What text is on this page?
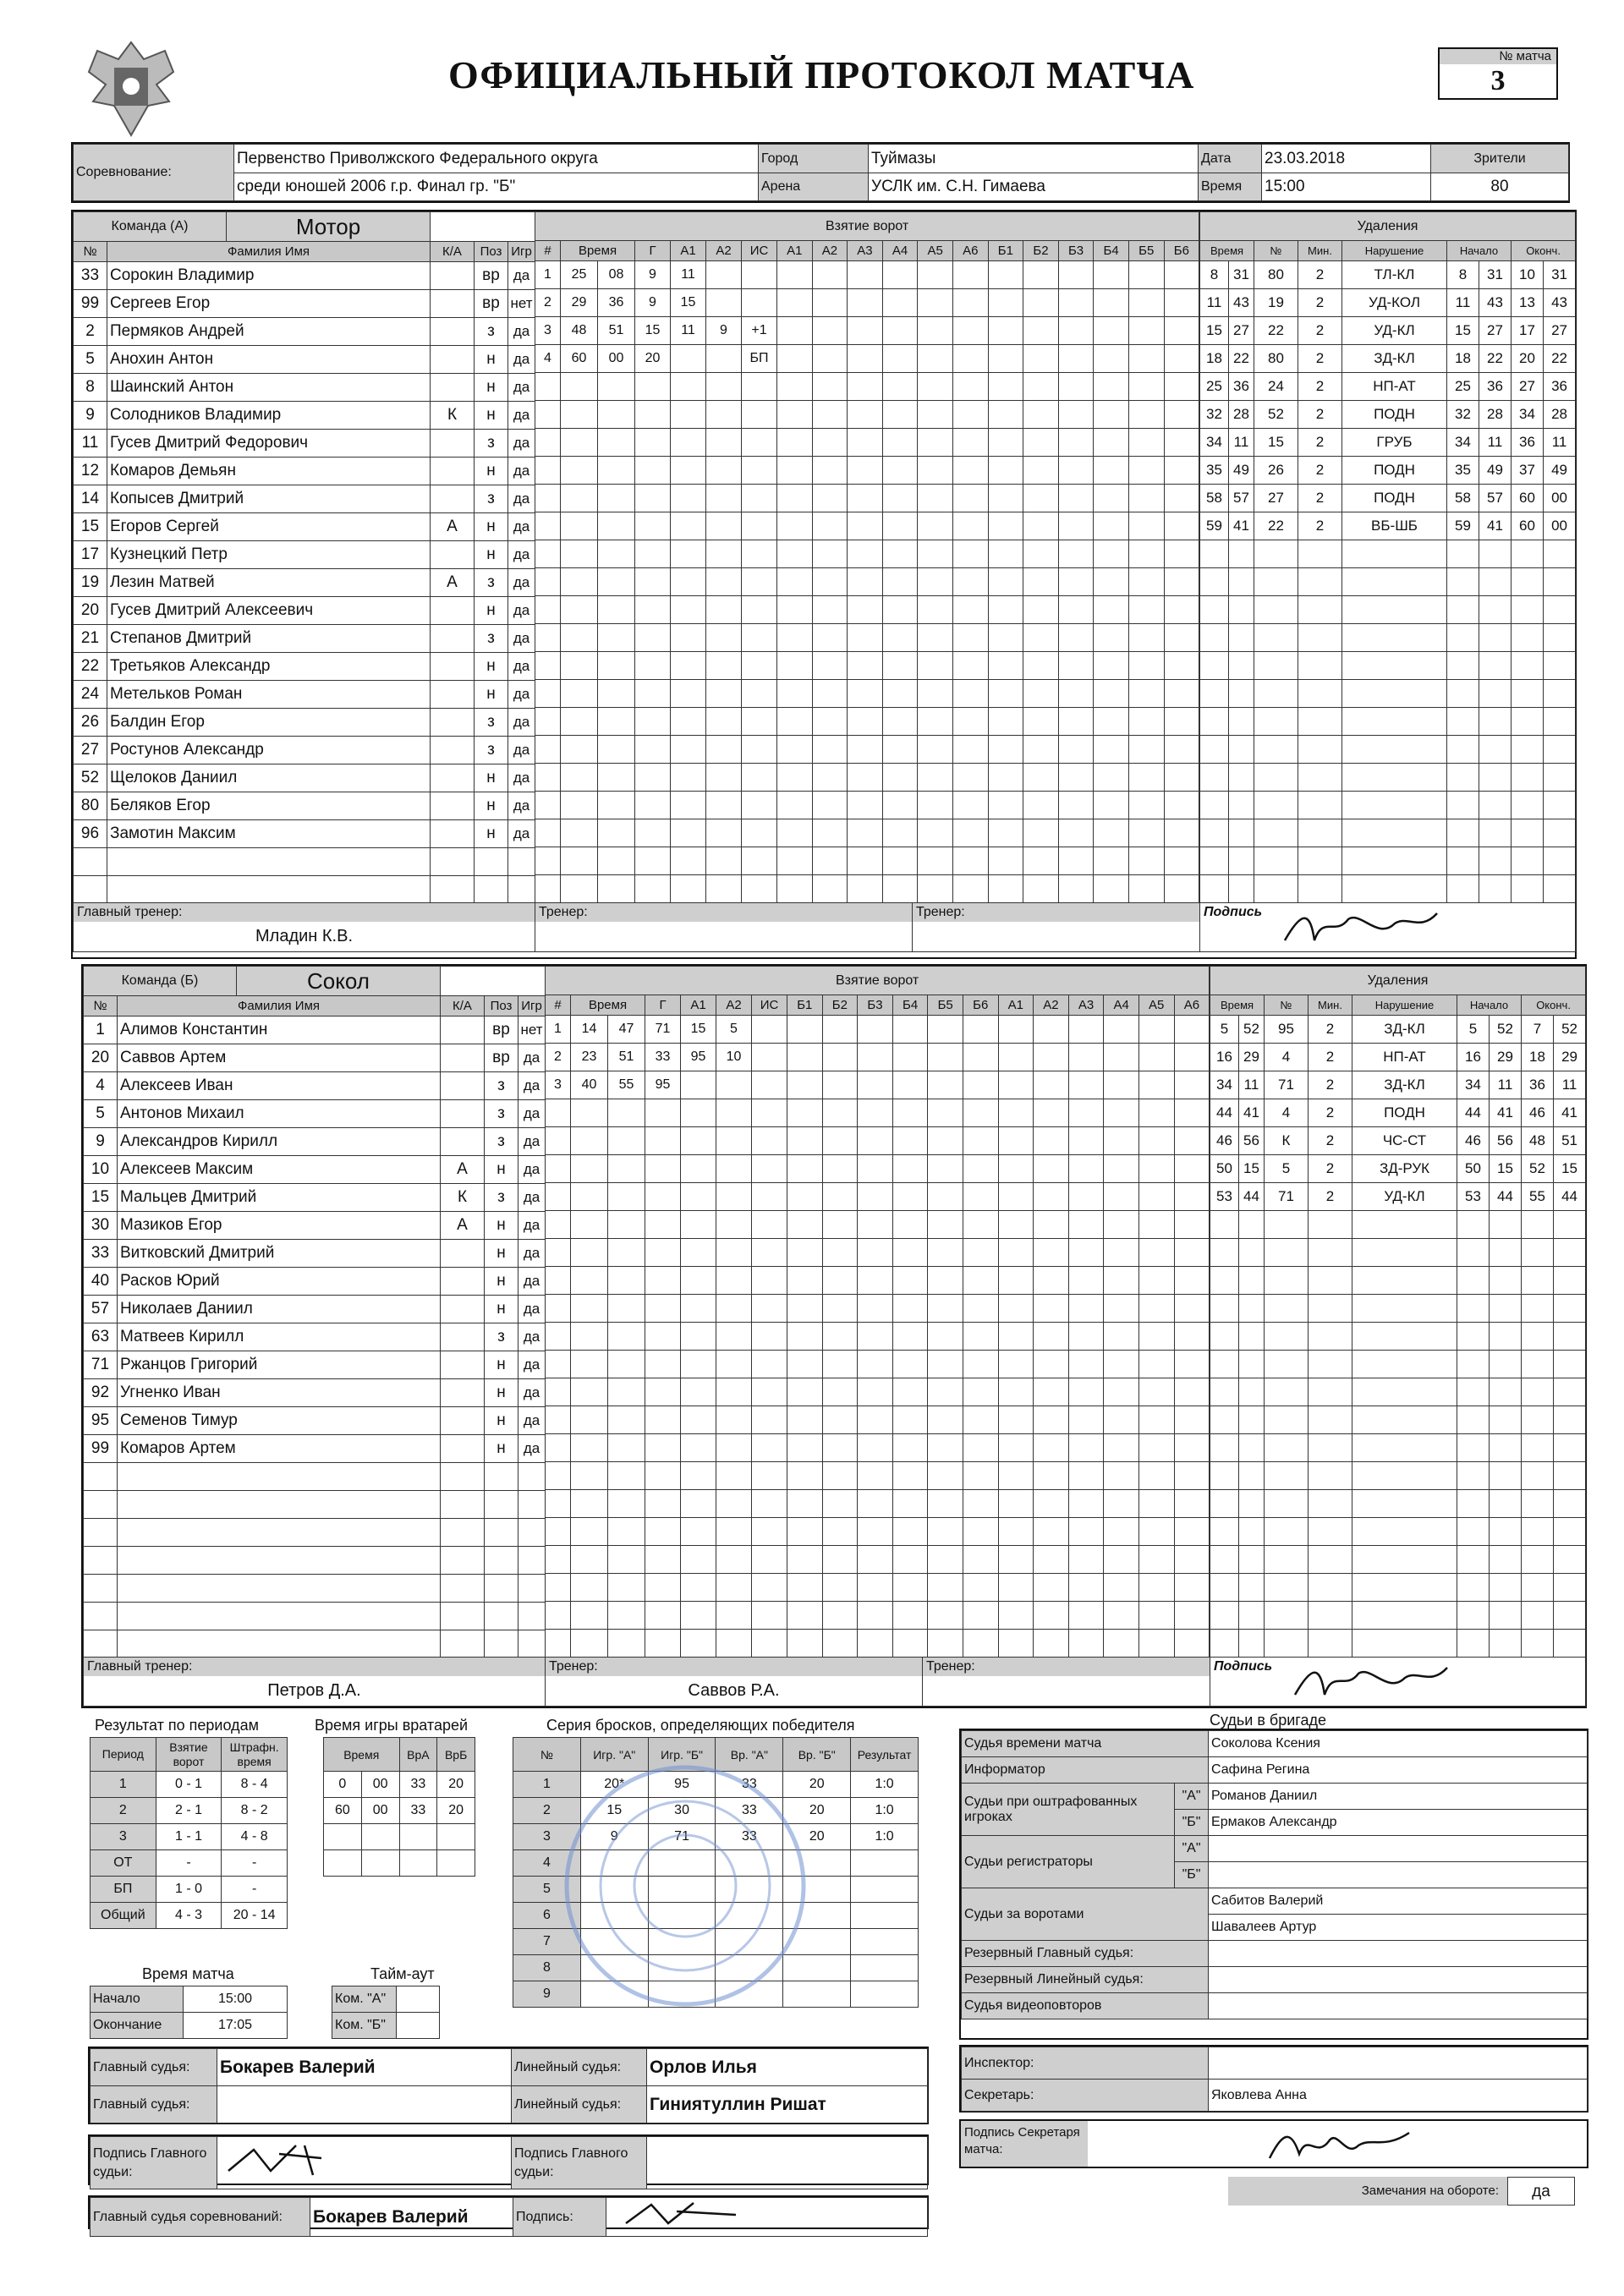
ОФИЦИАЛЬНЫЙ ПРОТОКОЛ МАТЧА	№ матча
3
Соревнование:	Первенство Приволжского Федерального округа	Город	Туймазы	Дата	23.03.2018	Зрители
	среди юношей 2006 г.р. Финал гр. "Б"	Арена	УСЛК им. С.Н. Гимаева	Время	15:00	80
Команда (А) Мотор				

№	Фамилия Имя	К/А	Поз	Игр
33	Сорокин Владимир		вр	да
99	Сергеев Егор		вр	нет
2	Пермяков Андрей		з	да
5	Анохин Антон		н	да
8	Шаинский Антон		н	да
9	Солодников Владимир	К	н	да
11	Гусев Дмитрий Федорович		з	да
12	Комаров Демьян		н	да
14	Копысев Дмитрий		з	да
15	Егоров Сергей	А	н	да
17	Кузнецкий Петр		н	да
19	Лезин Матвей	А	з	да
20	Гусев Дмитрий Алексеевич		н	да
21	Степанов Дмитрий		з	да
22	Третьяков Александр		н	да
24	Метельков Роман		н	да
26	Балдин Егор		з	да
27	Ростунов Александр		з	да
52	Щелоков Даниил		н	да
80	Беляков Егор		н	да
96	Замотин Максим		н	да

Взятие ворот																		
#	Время		Г	А1	А2	ИС	А1	А2	А3	А4	А5	А6	Б1	Б2	Б3	Б4	Б5	Б6
1	25	08	9	11														
2	29	36	9	15														
3	48	51	15	11	9	+1												
4	60	00	20			БП												

Удаления								
Время		№	Мин.	Нарушение	Начало		Оконч.	
8	31	80	2	ТЛ-КЛ	8	31	10	31
11	43	19	2	УД-КОЛ	11	43	13	43
15	27	22	2	УД-КЛ	15	27	17	27
18	22	80	2	ЗД-КЛ	18	22	20	22
25	36	24	2	НП-АТ	25	36	27	36
32	28	52	2	ПОДН	32	28	34	28
34	11	15	2	ГРУБ	34	11	36	11
35	49	26	2	ПОДН	35	49	37	49
58	57	27	2	ПОДН	58	57	60	00
59	41	22	2	ВБ-ШБ	59	41	60	00

Главный тренер:
Младин К.В.

Тренер:	Тренер:	Подпись
Команда (Б) Сокол				

№	Фамилия Имя	К/А	Поз	Игр
1	Алимов Константин		вр	нет
20	Саввов Артем		вр	да
4	Алексеев Иван		з	да
5	Антонов Михаил		з	да
9	Александров Кирилл		з	да
10	Алексеев Максим	А	н	да
15	Мальцев Дмитрий	К	з	да
30	Мазиков Егор	А	н	да
33	Витковский Дмитрий		н	да
40	Расков Юрий		н	да
57	Николаев Даниил		н	да
63	Матвеев Кирилл		з	да
71	Ржанцов Григорий		н	да
92	Угненко Иван		н	да
95	Семенов Тимур		н	да
99	Комаров Артем		н	да

Взятие ворот																		
#	Время		Г	А1	А2	ИС	Б1	Б2	Б3	Б4	Б5	Б6	А1	А2	А3	А4	А5	А6
1	14	47	71	15	5													
2	23	51	33	95	10													
3	40	55	95															

Удаления								
Время		№	Мин.	Нарушение	Начало		Оконч.	
5	52	95	2	ЗД-КЛ	5	52	7	52
16	29	4	2	НП-АТ	16	29	18	29
34	11	71	2	ЗД-КЛ	34	11	36	11
44	41	4	2	ПОДН	44	41	46	41
46	56	К	2	ЧС-СТ	46	56	48	51
50	15	5	2	ЗД-РУК	50	15	52	15
53	44	71	2	УД-КЛ	53	44	55	44

Главный тренер:
Петров Д.А.

Тренер:
Саввов Р.А.

Тренер:	Подпись
Результат по периодам
Период	Взятие ворот	Штрафн. время
1	0 - 1	8 - 4
2	2 - 1	8 - 2
3	1 - 1	4 - 8
ОТ	-	-
БП	1 - 0	-
Общий	4 - 3	20 - 14
Время игры вратарей
Время		ВрА	ВрБ
0	00	33	20
60	00	33	20

Время матча
Начало	15:00
Окончание	17:05
Тайм-аут
Ком. "А"	
Ком. "Б"	
Серия бросков, определяющих победителя
№	Игр. "А"	Игр. "Б"	Вр. "А"	Вр. "Б"	Результат
1	20*	95	33	20	1:0
2	15	30	33	20	1:0
3	9	71	33	20	1:0
4					
5					
6					
7					
8					
9					
Судьи в бригаде
Судья времени матча		Соколова Ксения
Информатор		Сафина Регина
Судьи при оштрафованных игроках	"А"	Романов Даниил
	"Б"	Ермаков Александр
Судьи регистраторы	"А"	
	"Б"	
Судьи за воротами		Сабитов Валерий
		Шавалеев Артур
Резервный Главный судья:		
Резервный Линейный судья:		
Судья видеоповторов		
Инспектор:	
Секретарь:	Яковлева Анна
Подпись Секретаря матча:
Замечания на обороте:	да
Главный судья:	Бокарев Валерий	Линейный судья:	Орлов Илья
Главный судья:		Линейный судья:	Гиниятуллин Ришат
Подпись Главного судьи:		Подпись Главного судьи:	
Главный судья соревнований:	Бокарев Валерий	Подпись:	
